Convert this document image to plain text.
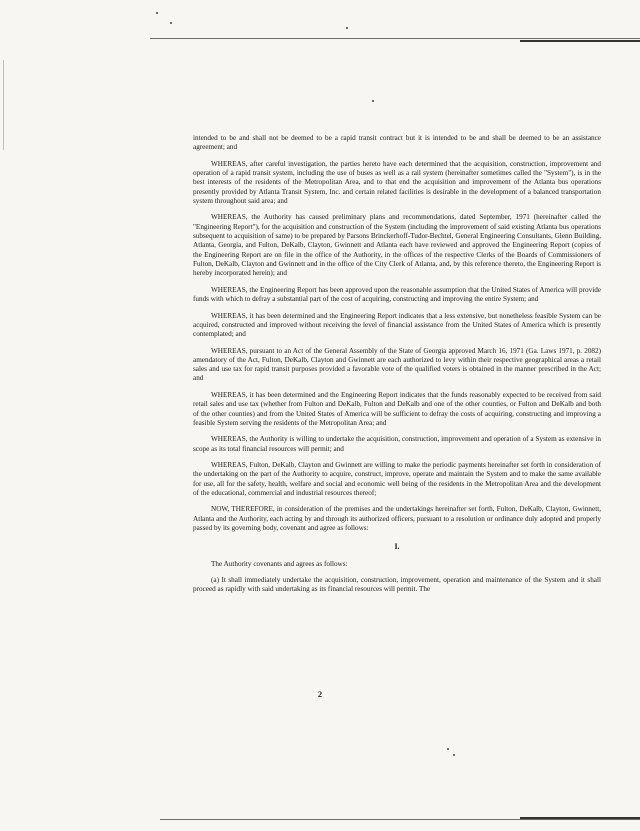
intended to be and shall not be deemed to be a rapid transit contract but it is intended to be and shall be deemed to be an assistance agreement; and

WHEREAS, after careful investigation, the parties hereto have each determined that the acquisition, construction, improvement and operation of a rapid transit system, including the use of buses as well as a rail system (hereinafter sometimes called the "System"), is in the best interests of the residents of the Metropolitan Area, and to that end the acquisition and improvement of the Atlanta bus operations presently provided by Atlanta Transit System, Inc. and certain related facilities is desirable in the development of a balanced transportation system throughout said area; and

WHEREAS, the Authority has caused preliminary plans and recommendations, dated September, 1971 (hereinafter called the "Engineering Report"), for the acquisition and construction of the System (including the improvement of said existing Atlanta bus operations subsequent to acquisition of same) to be prepared by Parsons Brinckerhoff-Tudor-Bechtel, General Engineering Consultants, Glenn Building, Atlanta, Georgia, and Fulton, DeKalb, Clayton, Gwinnett and Atlanta each have reviewed and approved the Engineering Report (copies of the Engineering Report are on file in the office of the Authority, in the offices of the respective Clerks of the Boards of Commissioners of Fulton, DeKalb, Clayton and Gwinnett and in the office of the City Clerk of Atlanta, and, by this reference thereto, the Engineering Report is hereby incorporated herein); and

WHEREAS, the Engineering Report has been approved upon the reasonable assumption that the United States of America will provide funds with which to defray a substantial part of the cost of acquiring, constructing and improving the entire System; and

WHEREAS, it has been determined and the Engineering Report indicates that a less extensive, but nonetheless feasible System can be acquired, constructed and improved without receiving the level of financial assistance from the United States of America which is presently contemplated; and

WHEREAS, pursuant to an Act of the General Assembly of the State of Georgia approved March 16, 1971 (Ga. Laws 1971, p. 2082) amendatory of the Act, Fulton, DeKalb, Clayton and Gwinnett are each authorized to levy within their respective geographical areas a retail sales and use tax for rapid transit purposes provided a favorable vote of the qualified voters is obtained in the manner prescribed in the Act; and

WHEREAS, it has been determined and the Engineering Report indicates that the funds reasonably expected to be received from said retail sales and use tax (whether from Fulton and DeKalb, Fulton and DeKalb and one of the other counties, or Fulton and DeKalb and both of the other counties) and from the United States of America will be sufficient to defray the costs of acquiring, constructing and improving a feasible System serving the residents of the Metropolitan Area; and

WHEREAS, the Authority is willing to undertake the acquisition, construction, improvement and operation of a System as extensive in scope as its total financial resources will permit; and

WHEREAS, Fulton, DeKalb, Clayton and Gwinnett are willing to make the periodic payments hereinafter set forth in consideration of the undertaking on the part of the Authority to acquire, construct, improve, operate and maintain the System and to make the same available for use, all for the safety, health, welfare and social and economic well being of the residents in the Metropolitan Area and the development of the educational, commercial and industrial resources thereof;

NOW, THEREFORE, in consideration of the premises and the undertakings hereinafter set forth, Fulton, DeKalb, Clayton, Gwinnett, Atlanta and the Authority, each acting by and through its authorized officers, pursuant to a resolution or ordinance duly adopted and properly passed by its governing body, covenant and agree as follows:

I.

The Authority covenants and agrees as follows:

(a) It shall immediately undertake the acquisition, construction, improvement, operation and maintenance of the System and it shall proceed as rapidly with said undertaking as its financial resources will permit. The

2
